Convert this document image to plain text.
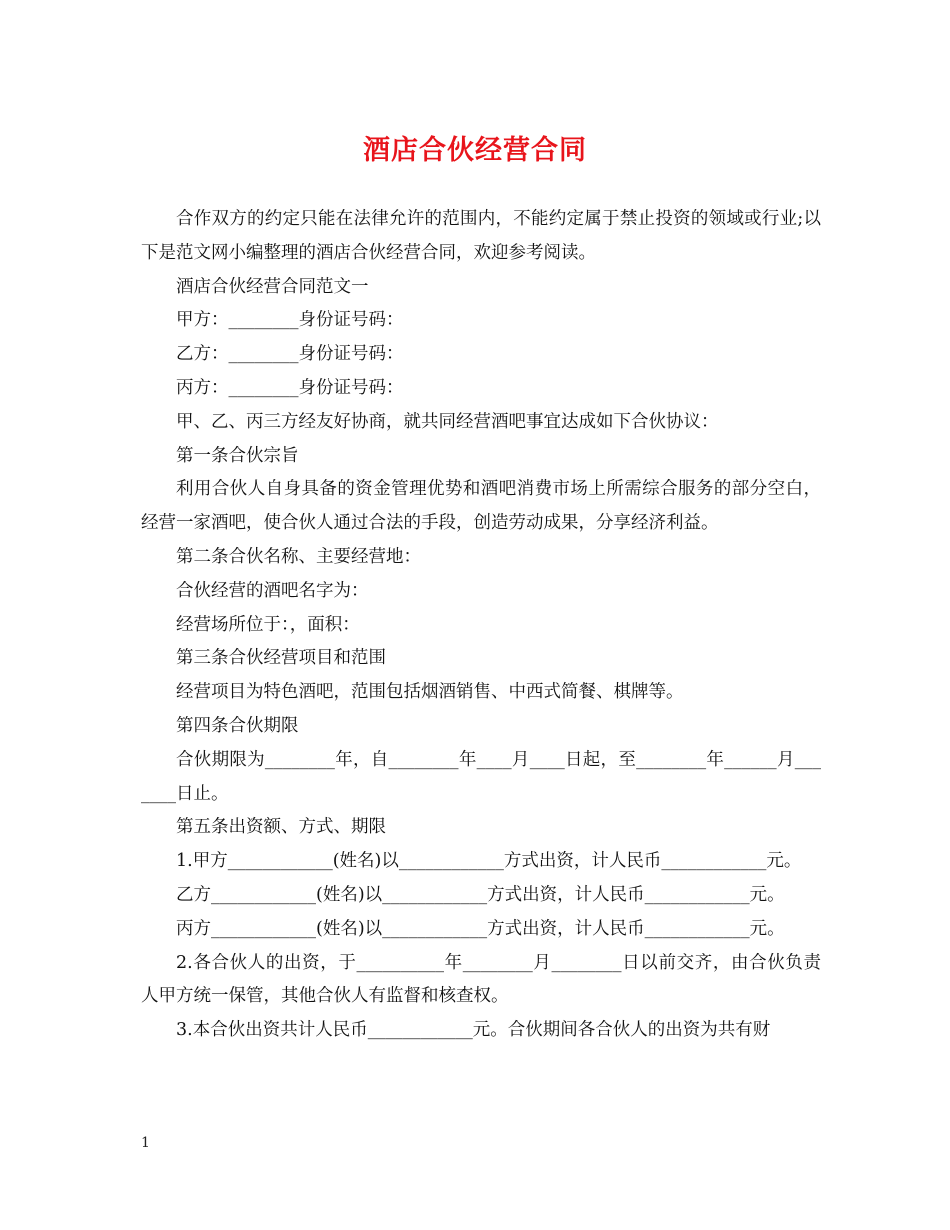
酒店合伙经营合同

合作双方的约定只能在法律允许的范围内，不能约定属于禁止投资的领域或行业;以下是范文网小编整理的酒店合伙经营合同，欢迎参考阅读。

酒店合伙经营合同范文一

甲方：________身份证号码：

乙方：________身份证号码：

丙方：________身份证号码：

甲、乙、丙三方经友好协商，就共同经营酒吧事宜达成如下合伙协议：

第一条合伙宗旨

利用合伙人自身具备的资金管理优势和酒吧消费市场上所需综合服务的部分空白，经营一家酒吧，使合伙人通过合法的手段，创造劳动成果，分享经济利益。

第二条合伙名称、主要经营地：

合伙经营的酒吧名字为：

经营场所位于：，面积：

第三条合伙经营项目和范围

经营项目为特色酒吧，范围包括烟酒销售、中西式简餐、棋牌等。

第四条合伙期限

合伙期限为________年，自________年____月____日起，至________年______月_______日止。

第五条出资额、方式、期限

1.甲方____________(姓名)以____________方式出资，计人民币____________元。

乙方____________(姓名)以____________方式出资，计人民币____________元。

丙方____________(姓名)以____________方式出资，计人民币____________元。

2.各合伙人的出资，于__________年________月________日以前交齐，由合伙负责人甲方统一保管，其他合伙人有监督和核查权。

3.本合伙出资共计人民币____________元。合伙期间各合伙人的出资为共有财

1
